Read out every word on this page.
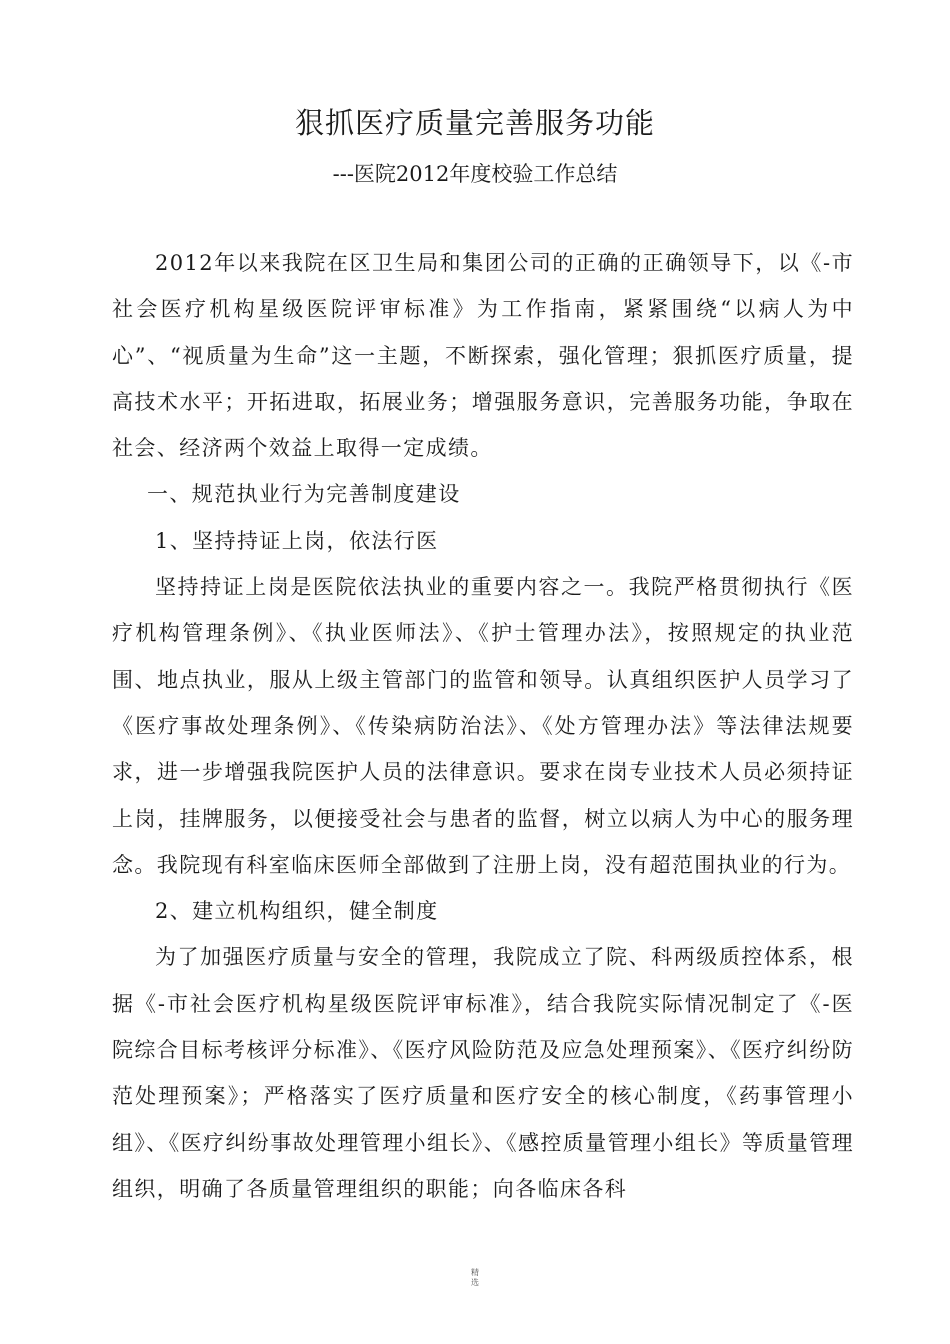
狠抓医疗质量完善服务功能
---医院2012年度校验工作总结

2012年以来我院在区卫生局和集团公司的正确的正确领导下，以《-市社会医疗机构星级医院评审标准》为工作指南，紧紧围绕“以病人为中心”、“视质量为生命”这一主题，不断探索，强化管理；狠抓医疗质量，提高技术水平；开拓进取，拓展业务；增强服务意识，完善服务功能，争取在社会、经济两个效益上取得一定成绩。

一、规范执业行为完善制度建设

1、坚持持证上岗，依法行医

坚持持证上岗是医院依法执业的重要内容之一。我院严格贯彻执行《医疗机构管理条例》、《执业医师法》、《护士管理办法》，按照规定的执业范围、地点执业，服从上级主管部门的监管和领导。认真组织医护人员学习了《医疗事故处理条例》、《传染病防治法》、《处方管理办法》等法律法规要求，进一步增强我院医护人员的法律意识。要求在岗专业技术人员必须持证上岗，挂牌服务，以便接受社会与患者的监督，树立以病人为中心的服务理念。我院现有科室临床医师全部做到了注册上岗，没有超范围执业的行为。

2、建立机构组织，健全制度

为了加强医疗质量与安全的管理，我院成立了院、科两级质控体系，根据《-市社会医疗机构星级医院评审标准》，结合我院实际情况制定了《-医院综合目标考核评分标准》、《医疗风险防范及应急处理预案》、《医疗纠纷防范处理预案》；严格落实了医疗质量和医疗安全的核心制度，《药事管理小组》、《医疗纠纷事故处理管理小组长》、《感控质量管理小组长》等质量管理组织，明确了各质量管理组织的职能；向各临床各科

精
选
